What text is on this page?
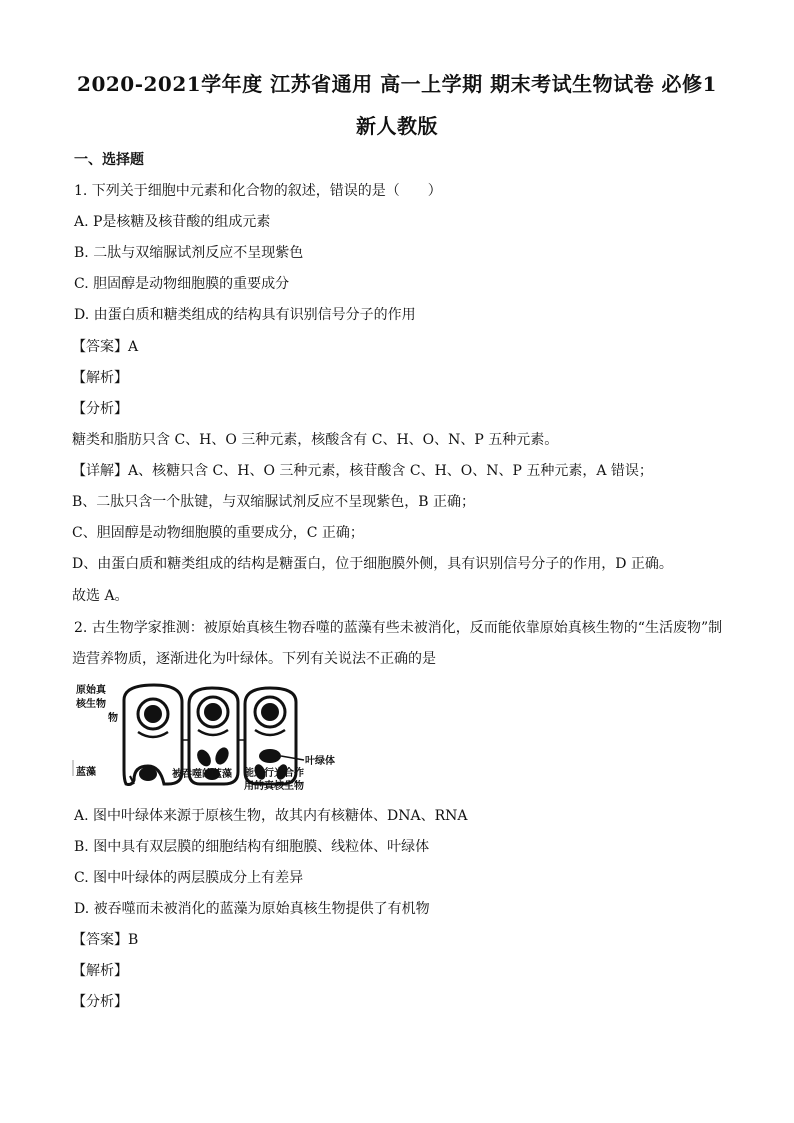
2020-2021学年度 江苏省通用 高一上学期 期末考试生物试卷 必修1
新人教版
一、选择题
1. 下列关于细胞中元素和化合物的叙述，错误的是（　　）
A. P是核糖及核苷酸的组成元素
B. 二肽与双缩脲试剂反应不呈现紫色
C. 胆固醇是动物细胞膜的重要成分
D. 由蛋白质和糖类组成的结构具有识别信号分子的作用
【答案】A
【解析】
【分析】
糖类和脂肪只含 C、H、O 三种元素，核酸含有 C、H、O、N、P 五种元素。
【详解】A、核糖只含 C、H、O 三种元素，核苷酸含 C、H、O、N、P 五种元素，A 错误；
B、二肽只含一个肽键，与双缩脲试剂反应不呈现紫色，B 正确；
C、胆固醇是动物细胞膜的重要成分，C 正确；
D、由蛋白质和糖类组成的结构是糖蛋白，位于细胞膜外侧，具有识别信号分子的作用，D 正确。
故选 A。
2. 古生物学家推测：被原始真核生物吞噬的蓝藻有些未被消化，反而能依靠原始真核生物的“生活废物”制
造营养物质，逐渐进化为叶绿体。下列有关说法不正确的是
原始真
核生物
物
蓝藻	被吞噬的蓝藻
叶绿体
能进行光合作
用的真核生物
A. 图中叶绿体来源于原核生物，故其内有核糖体、DNA、RNA
B. 图中具有双层膜的细胞结构有细胞膜、线粒体、叶绿体
C. 图中叶绿体的两层膜成分上有差异
D. 被吞噬而未被消化的蓝藻为原始真核生物提供了有机物
【答案】B
【解析】
【分析】
